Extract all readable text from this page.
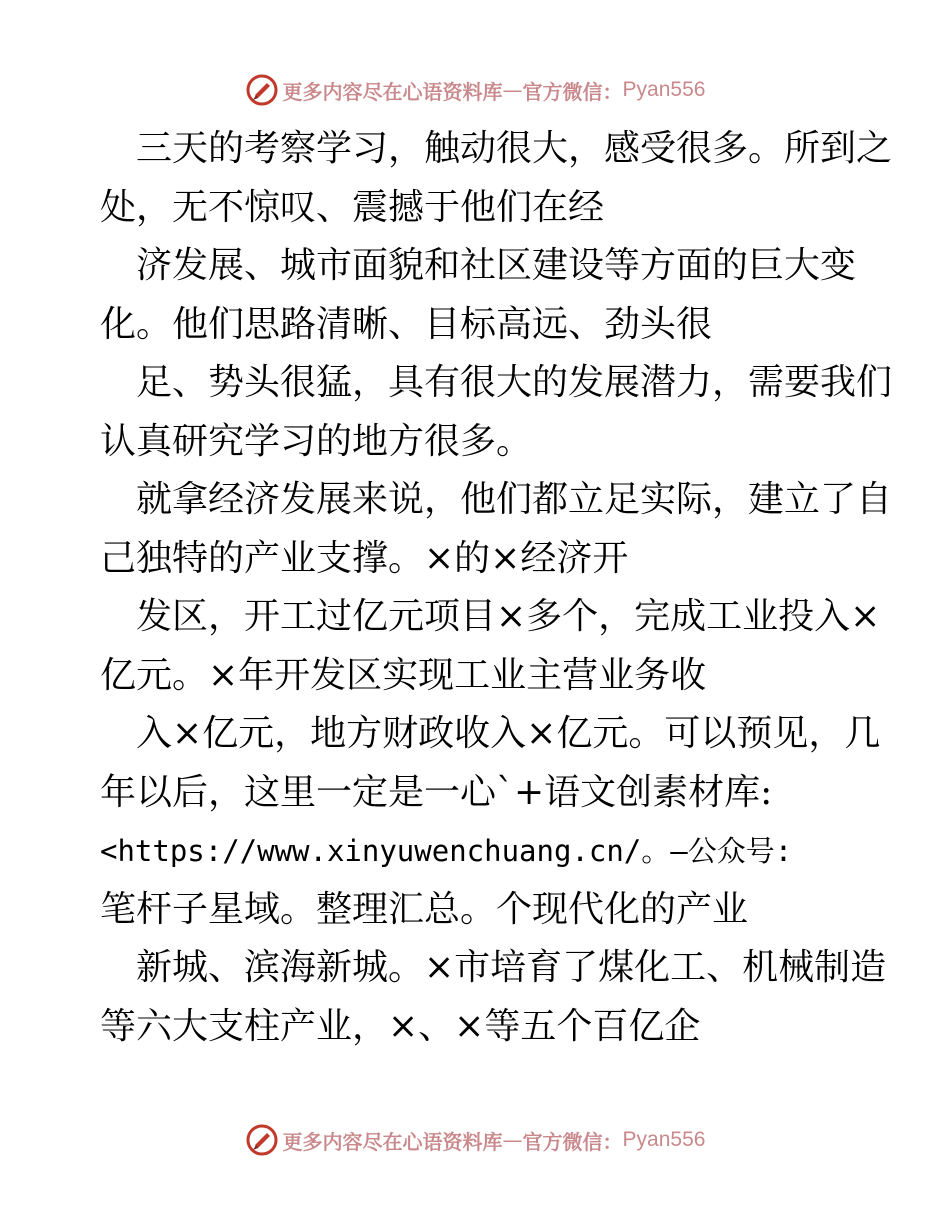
更多内容尽在心语资料库 — 官方微信： Pyan556
三天的考察学习，触动很大，感受很多。所到之
处，无不惊叹、震撼于他们在经
济发展、城市面貌和社区建设等方面的巨大变
化。他们思路清晰、目标高远、劲头很
足、势头很猛，具有很大的发展潜力，需要我们
认真研究学习的地方很多。
就拿经济发展来说，他们都立足实际，建立了自
己独特的产业支撑。×的×经济开
发区，开工过亿元项目×多个，完成工业投入×
亿元。×年开发区实现工业主营业务收
入×亿元，地方财政收入×亿元。可以预见，几
年以后，这里一定是一心`+语文创素材库:
<https://www.xinyuwenchuang.cn/。—公众号:
笔杆子星域。整理汇总。个现代化的产业
新城、滨海新城。×市培育了煤化工、机械制造
等六大支柱产业，×、×等五个百亿企
更多内容尽在心语资料库 — 官方微信： Pyan556
